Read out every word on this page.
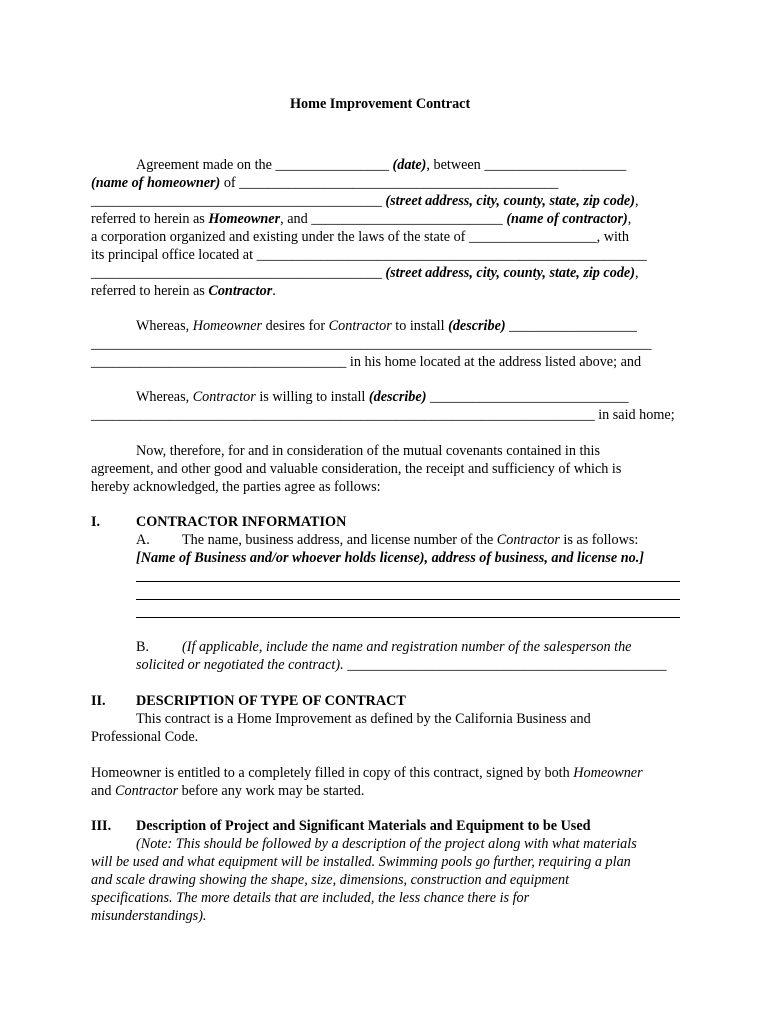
Home Improvement Contract
Agreement made on the ________________ (date), between ____________________
(name of homeowner) of _____________________________________________
_________________________________________ (street address, city, county, state, zip code),
referred to herein as Homeowner, and ___________________________ (name of contractor),
a corporation organized and existing under the laws of the state of __________________, with
its principal office located at _______________________________________________________
_________________________________________ (street address, city, county, state, zip code),
referred to herein as Contractor.
Whereas, Homeowner desires for Contractor to install (describe) __________________
_______________________________________________________________________________
____________________________________ in his home located at the address listed above; and
Whereas, Contractor is willing to install (describe) ____________________________
_______________________________________________________________________ in said home;
Now, therefore, for and in consideration of the mutual covenants contained in this
agreement, and other good and valuable consideration, the receipt and sufficiency of which is
hereby acknowledged, the parties agree as follows:
I.	CONTRACTOR INFORMATION
A. The name, business address, and license number of the Contractor is as follows:
[Name of Business and/or whoever holds license), address of business, and license no.]
B. (If applicable, include the name and registration number of the salesperson the
solicited or negotiated the contract). _____________________________________________
II. DESCRIPTION OF TYPE OF CONTRACT
This contract is a Home Improvement as defined by the California Business and
Professional Code.
Homeowner is entitled to a completely filled in copy of this contract, signed by both Homeowner
and Contractor before any work may be started.
III. Description of Project and Significant Materials and Equipment to be Used
(Note: This should be followed by a description of the project along with what materials
will be used and what equipment will be installed. Swimming pools go further, requiring a plan
and scale drawing showing the shape, size, dimensions, construction and equipment
specifications. The more details that are included, the less chance there is for
misunderstandings).
